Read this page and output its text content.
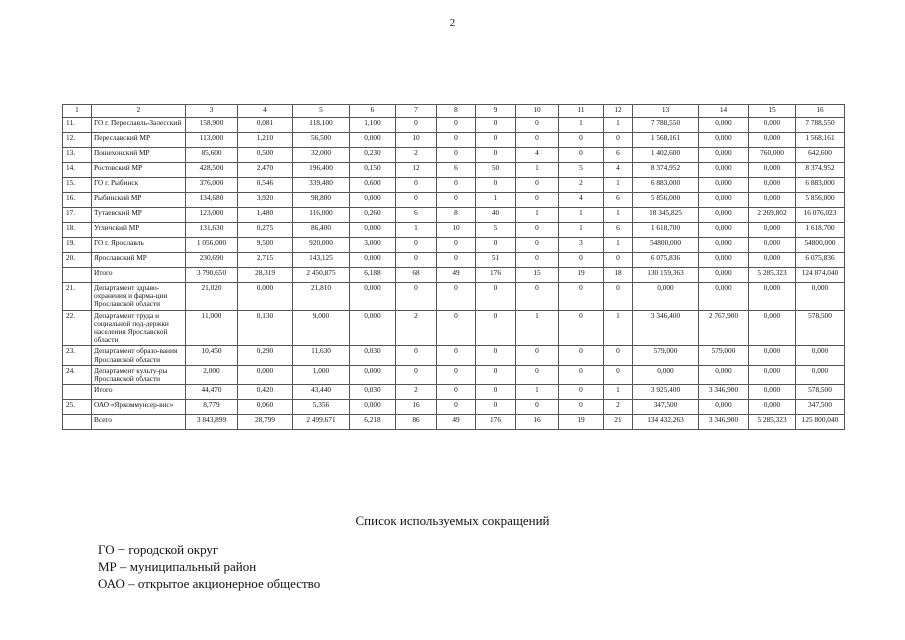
2
1	2	3	4	5	6	7	8	9	10	11	12	13	14	15	16
11.	ГО г. Переславль-Залесский	158,900	0,081	118,100	1,100	0	0	0	0	1	1	7 788,550	0,000	0,000	7 788,550
12.	Переславский МР	113,000	1,210	56,500	0,000	10	0	0	0	0	0	1 568,161	0,000	0,000	1 568,161
13.	Пошехонский МР	85,600	0,500	32,000	0,230	2	0	0	4	0	6	1 402,600	0,000	760,000	642,600
14.	Ростовский МР	428,500	2,470	196,400	0,150	12	6	50	1	5	4	8 374,952	0,000	0,000	8 374,952
15.	ГО г. Рыбинск	376,000	0,546	339,480	0,600	0	0	0	0	2	1	6 883,000	0,000	0,000	6 883,000
16.	Рыбинский МР	134,680	3,920	98,800	0,000	0	0	1	0	4	6	5 856,000	0,000	0,000	5 856,000
17.	Тутаевский МР	123,000	1,480	116,000	0,260	6	8	40	1	1	1	18 345,825	0,000	2 269,802	16 076,023
18.	Угличский МР	131,630	0,275	86,400	0,000	1	10	5	0	1	6	1 618,700	0,000	0,000	1 618,700
19.	ГО г. Ярославль	1 056,000	9,500	920,000	3,000	0	0	0	0	3	1	54800,000	0,000	0,000	54800,000
20.	Ярославский МР	230,690	2,715	143,125	0,000	0	0	51	0	0	0	6 075,836	0,000	0,000	6 075,836
	Итого	3 790,650	28,319	2 450,875	6,188	68	49	176	15	19	18	130 159,363	0,000	5 285,323	124 874,040
21.	Департамент здраво-охранения и фарма-ции Ярославской области	21,020	0,000	21,810	0,000	0	0	0	0	0	0	0,000	0,000	0,000	0,000
22.	Департамент труда и социальной под-держки населения Ярославской области	11,000	0,130	9,000	0,000	2	0	0	1	0	1	3 346,400	2 767,900	0,000	578,500
23.	Департамент образо-вания Ярославской области	10,450	0,290	11,630	0,030	0	0	0	0	0	0	579,000	579,000	0,000	0,000
24.	Департамент культу-ры Ярославской области	2,000	0,000	1,000	0,000	0	0	0	0	0	0	0,000	0,000	0,000	0,000
	Итого	44,470	0,420	43,440	0,030	2	0	0	1	0	1	3 925,400	3 346,900	0,000	578,500
25.	ОАО «Яркоммунсер-вис»	8,779	0,060	5,356	0,000	16	0	0	0	0	2	347,500	0,000	0,000	347,500
	Всего	3 843,899	28,799	2 499,671	6,218	86	49	176	16	19	21	134 432,263	3 346,900	5 285,323	125 800,040
Список используемых сокращений
ГО − городской округ
МР – муниципальный район
ОАО – открытое акционерное общество
